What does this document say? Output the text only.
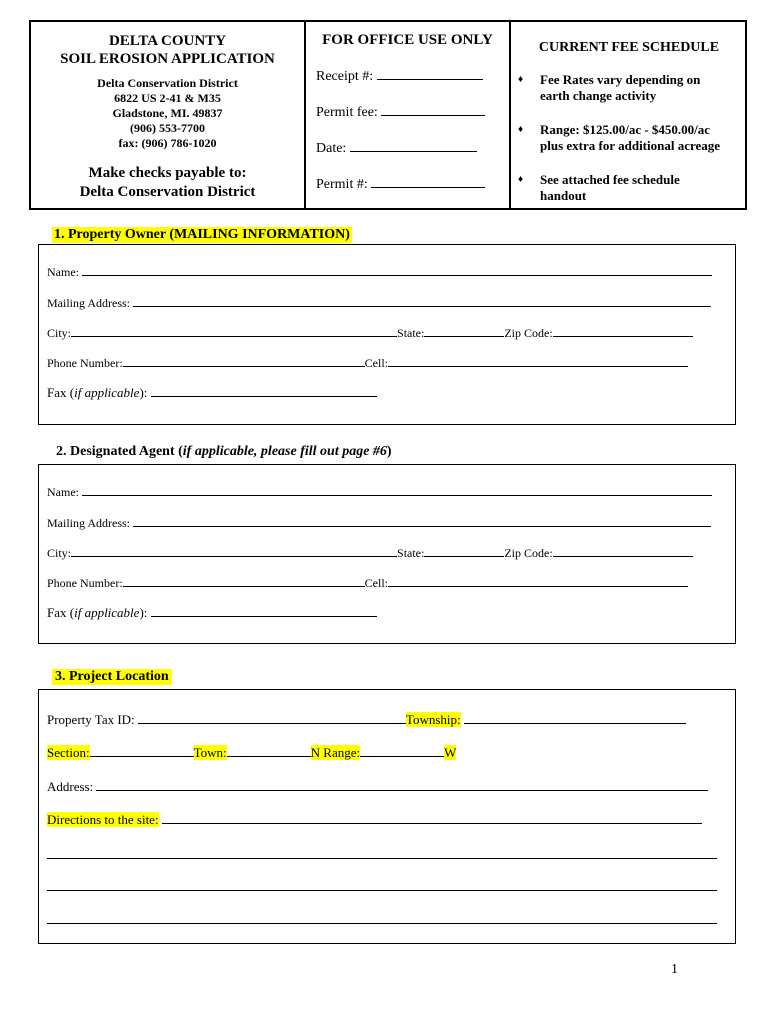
DELTA COUNTY
SOIL EROSION APPLICATION
Delta Conservation District
6822 US 2-41 & M35
Gladstone, MI. 49837
(906) 553-7700
fax: (906) 786-1020
Make checks payable to:
Delta Conservation District
FOR OFFICE USE ONLY
Receipt #:
Permit fee:
Date:
Permit #:
CURRENT FEE SCHEDULE
♦ Fee Rates vary depending on
earth change activity
♦ Range: $125.00/ac - $450.00/ac
plus extra for additional acreage
♦ See attached fee schedule
handout
1. Property Owner (MAILING INFORMATION)
Name:
Mailing Address:
City:	State:	Zip Code:
Phone Number:	Cell:
Fax (if applicable):
2. Designated Agent (if applicable, please fill out page #6)
Name:
Mailing Address:
City:	State:	Zip Code:
Phone Number:	Cell:
Fax (if applicable):
3. Project Location
Property Tax ID:	Township:
Section:	Town:	N Range:	W
Address:
Directions to the site:
1
